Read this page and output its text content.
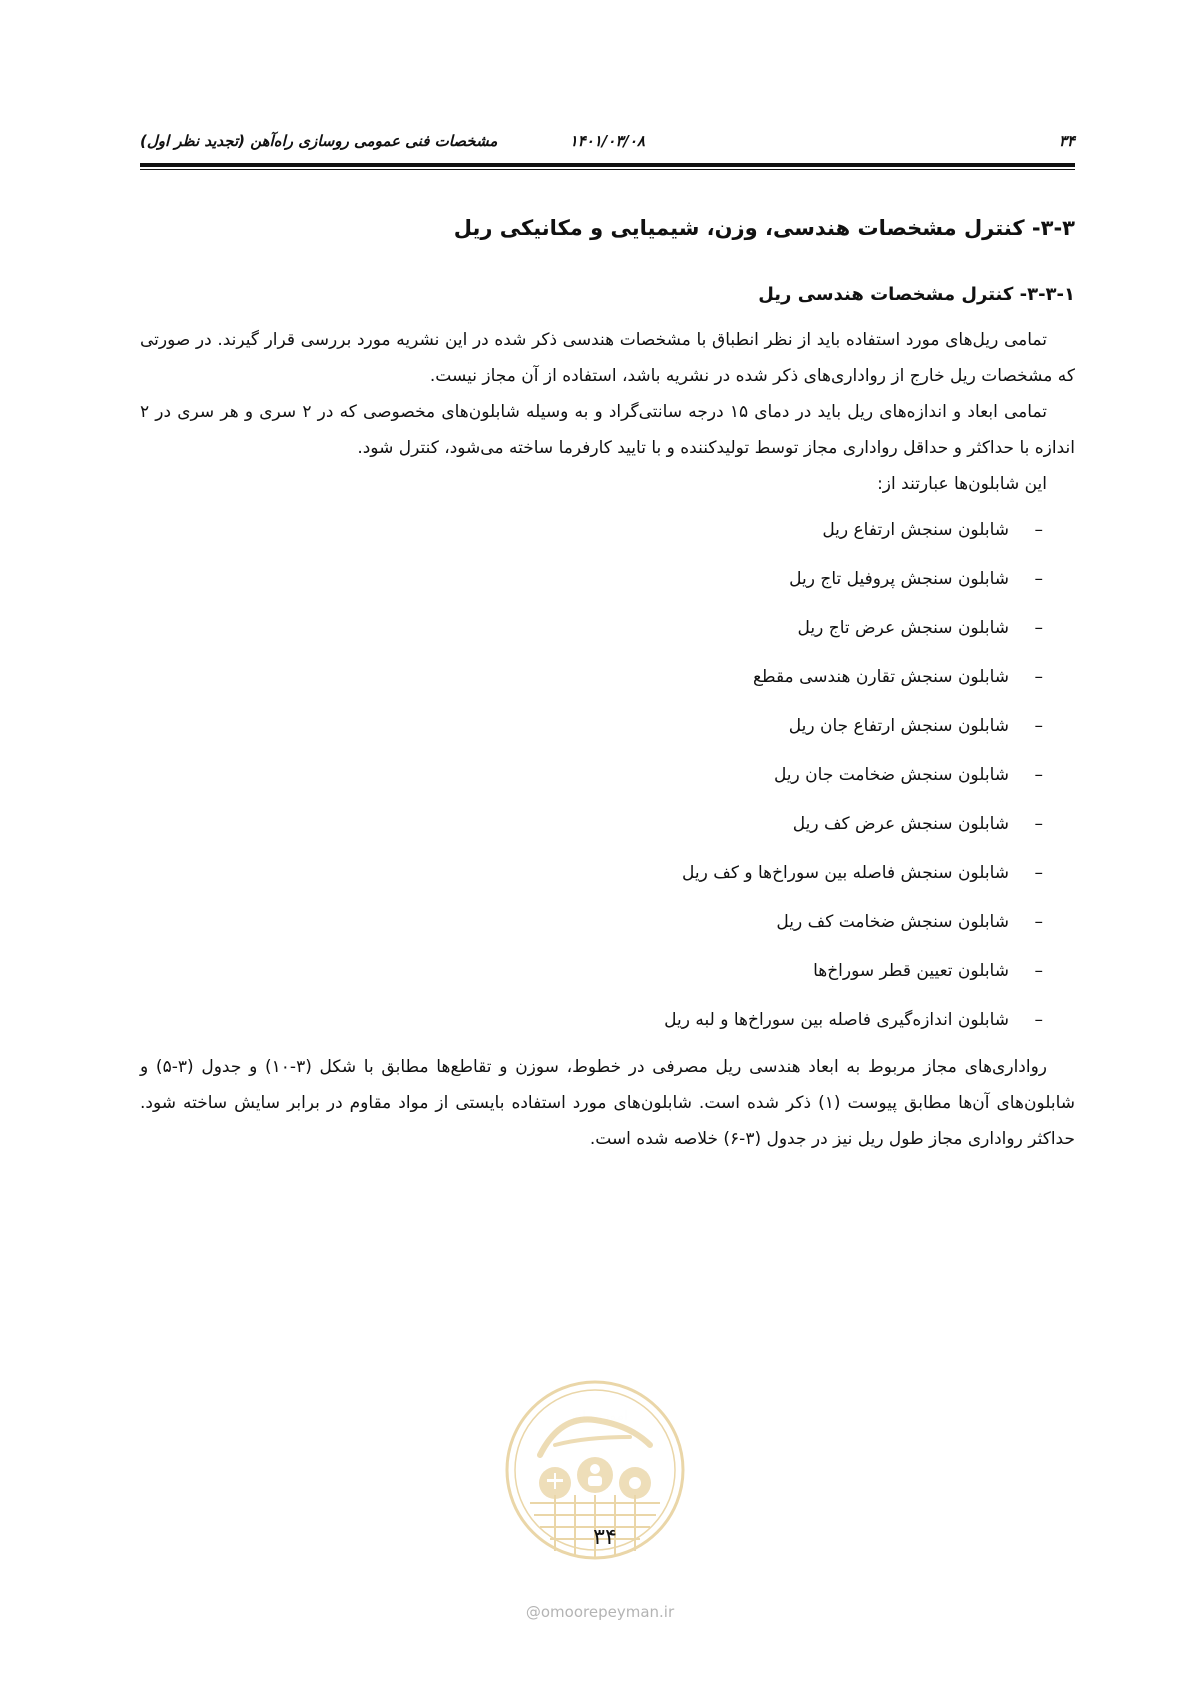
۳۴
۱۴۰۱/۰۳/۰۸
مشخصات فنی عمومی روسازی راه‌آهن (تجدید نظر اول)
۳-۳- کنترل مشخصات هندسی، وزن، شیمیایی و مکانیکی ریل
۳-۳-۱- کنترل مشخصات هندسی ریل

تمامی ریل‌های مورد استفاده باید از نظر انطباق با مشخصات هندسی ذکر شده در این نشریه مورد بررسی قرار گیرند. در صورتی که مشخصات ریل خارج از رواداری‌های ذکر شده در نشریه باشد، استفاده از آن مجاز نیست.

تمامی ابعاد و اندازه‌های ریل باید در دمای ۱۵ درجه سانتی‌گراد و به وسیله شابلون‌های مخصوصی که در ۲ سری و هر سری در ۲ اندازه با حداکثر و حداقل رواداری مجاز توسط تولیدکننده و با تایید کارفرما ساخته می‌شود، کنترل شود.

این شابلون‌ها عبارتند از:

–
شابلون سنجش ارتفاع ریل
–
شابلون سنجش پروفیل تاج ریل
–
شابلون سنجش عرض تاج ریل
–
شابلون سنجش تقارن هندسی مقطع
–
شابلون سنجش ارتفاع جان ریل
–
شابلون سنجش ضخامت جان ریل
–
شابلون سنجش عرض کف ریل
–
شابلون سنجش فاصله بین سوراخ‌ها و کف ریل
–
شابلون سنجش ضخامت کف ریل
–
شابلون تعیین قطر سوراخ‌ها
–
شابلون اندازه‌گیری فاصله بین سوراخ‌ها و لبه ریل

رواداری‌های مجاز مربوط به ابعاد هندسی ریل مصرفی در خطوط، سوزن و تقاطع‌ها مطابق با شکل (۳-۱۰) و جدول (۳-۵) و شابلون‌های آن‌ها مطابق پیوست (۱) ذکر شده است. شابلون‌های مورد استفاده بایستی از مواد مقاوم در برابر سایش ساخته شود. حداکثر رواداری مجاز طول ریل نیز در جدول (۳-۶) خلاصه شده است.

۳۴
@omoorepeyman.ir
